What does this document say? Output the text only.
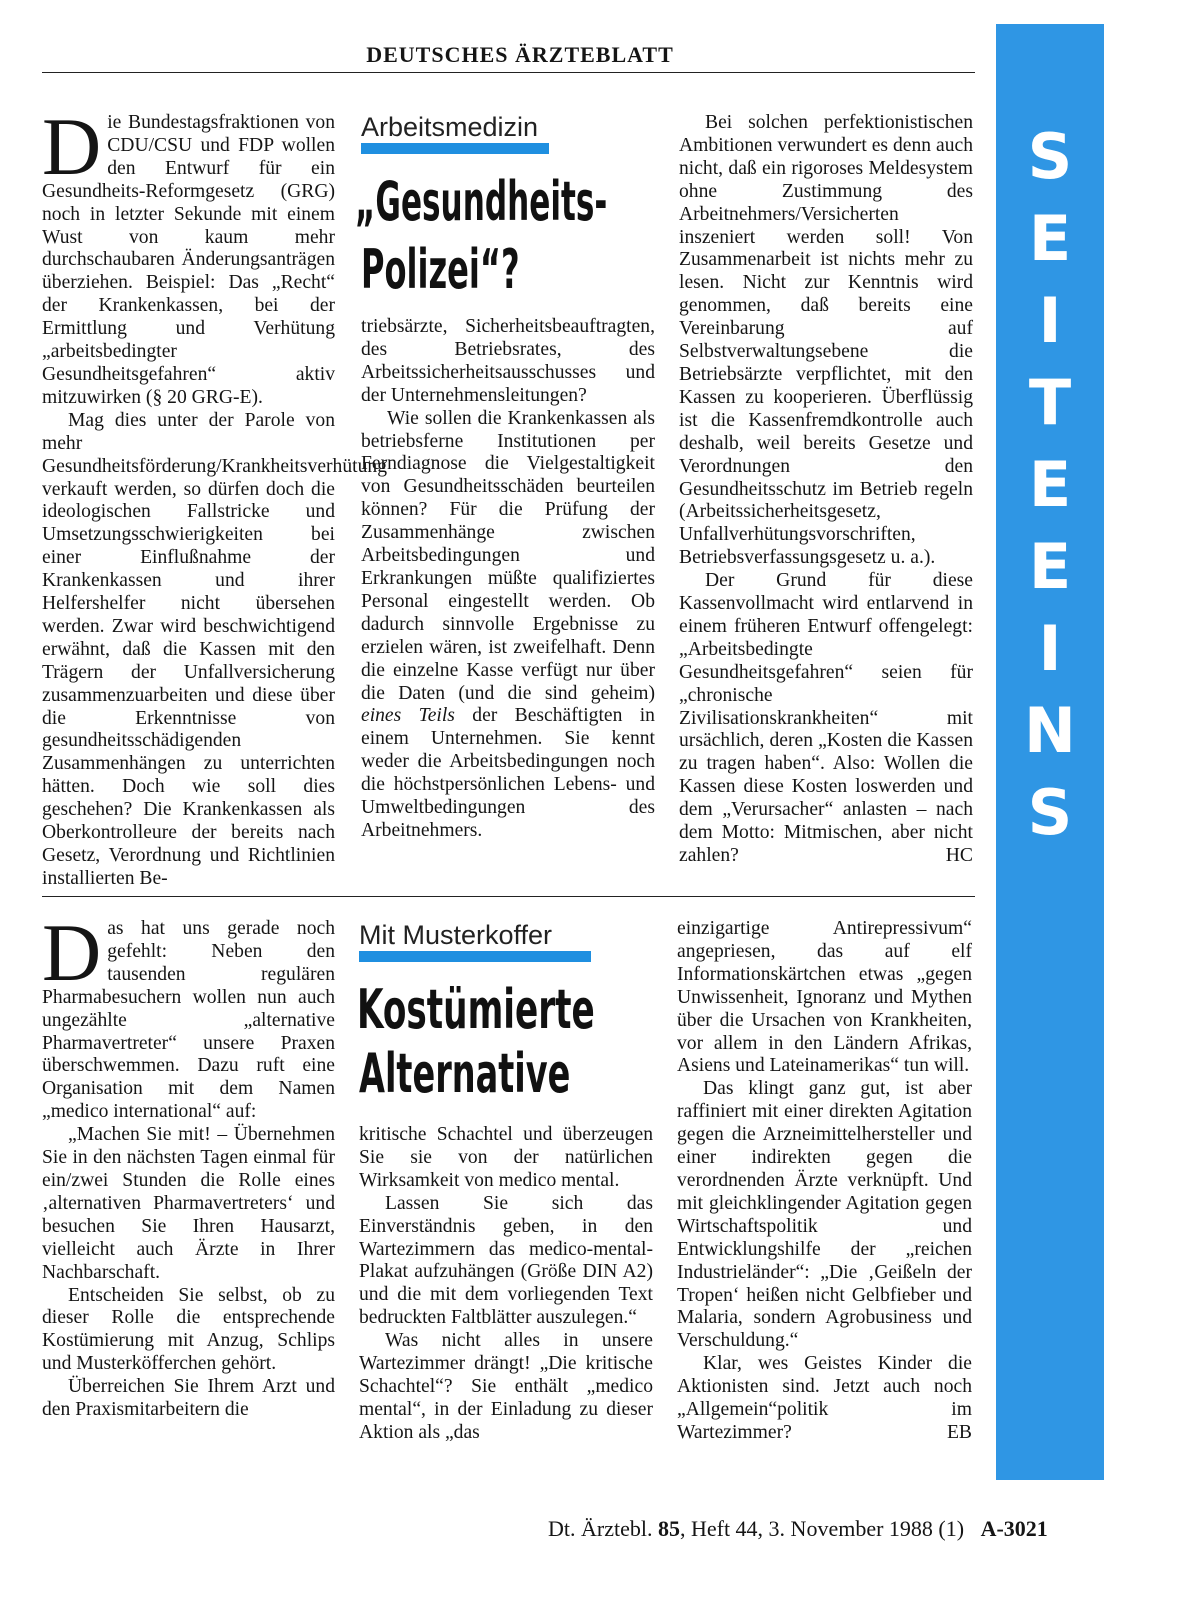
DEUTSCHES ÄRZTEBLATT
S
E
I
T
E
E
I
N
S

Die Bundestagsfraktionen von CDU/CSU und FDP wollen den Entwurf für ein Gesundheits-Reformgesetz (GRG) noch in letzter Sekunde mit einem Wust von kaum mehr durchschaubaren Änderungsanträgen überziehen. Beispiel: Das „Recht“ der Krankenkassen, bei der Ermittlung und Verhütung „arbeitsbedingter Gesundheitsgefahren“ aktiv mitzuwirken (§ 20 GRG-E).

Mag dies unter der Parole von mehr Gesundheitsförderung/Krankheitsverhütung verkauft werden, so dürfen doch die ideologischen Fallstricke und Umsetzungsschwierigkeiten bei einer Einflußnahme der Krankenkassen und ihrer Helfershelfer nicht übersehen werden. Zwar wird beschwichtigend erwähnt, daß die Kassen mit den Trägern der Unfallversicherung zusammenzuarbeiten und diese über die Erkenntnisse von gesundheitsschädigenden Zusammenhängen zu unterrichten hätten. Doch wie soll dies geschehen? Die Krankenkassen als Oberkontrolleure der bereits nach Gesetz, Verordnung und Richtlinien installierten Be-

Arbeitsmedizin
„Gesundheits-
Polizei“?

triebsärzte, Sicherheitsbeauftragten, des Betriebsrates, des Arbeitssicherheitsausschusses und der Unternehmensleitungen?

Wie sollen die Krankenkassen als betriebsferne Institutionen per Ferndiagnose die Vielgestaltigkeit von Gesundheitsschäden beurteilen können? Für die Prüfung der Zusammenhänge zwischen Arbeitsbedingungen und Erkrankungen müßte qualifiziertes Personal eingestellt werden. Ob dadurch sinnvolle Ergebnisse zu erzielen wären, ist zweifelhaft. Denn die einzelne Kasse verfügt nur über die Daten (und die sind geheim) eines Teils der Beschäftigten in einem Unternehmen. Sie kennt weder die Arbeitsbedingungen noch die höchstpersönlichen Lebens- und Umweltbedingungen des Arbeitnehmers.

Bei solchen perfektionistischen Ambitionen verwundert es denn auch nicht, daß ein rigoroses Meldesystem ohne Zustimmung des Arbeitnehmers/Versicherten inszeniert werden soll! Von Zusammenarbeit ist nichts mehr zu lesen. Nicht zur Kenntnis wird genommen, daß bereits eine Vereinbarung auf Selbstverwaltungsebene die Betriebsärzte verpflichtet, mit den Kassen zu kooperieren. Überflüssig ist die Kassenfremdkontrolle auch deshalb, weil bereits Gesetze und Verordnungen den Gesundheitsschutz im Betrieb regeln (Arbeitssicherheitsgesetz, Unfallverhütungsvorschriften, Betriebsverfassungsgesetz u. a.).

Der Grund für diese Kassenvollmacht wird entlarvend in einem früheren Entwurf offengelegt: „Arbeitsbedingte Gesundheitsgefahren“ seien für „chronische Zivilisationskrankheiten“ mit ursächlich, deren „Kosten die Kassen zu tragen haben“. Also: Wollen die Kassen diese Kosten loswerden und dem „Verursacher“ anlasten – nach dem Motto: Mitmischen, aber nicht zahlen?	HC

Das hat uns gerade noch gefehlt: Neben den tausenden regulären Pharmabesuchern wollen nun auch ungezählte „alternative Pharmavertreter“ unsere Praxen überschwemmen. Dazu ruft eine Organisation mit dem Namen „medico international“ auf:

„Machen Sie mit! – Übernehmen Sie in den nächsten Tagen einmal für ein/zwei Stunden die Rolle eines ‚alternativen Pharmavertreters‘ und besuchen Sie Ihren Hausarzt, vielleicht auch Ärzte in Ihrer Nachbarschaft.

Entscheiden Sie selbst, ob zu dieser Rolle die entsprechende Kostümierung mit Anzug, Schlips und Musterköfferchen gehört.

Überreichen Sie Ihrem Arzt und den Praxismitarbeitern die

Mit Musterkoffer
Kostümierte
Alternative

kritische Schachtel und überzeugen Sie sie von der natürlichen Wirksamkeit von medico mental.

Lassen Sie sich das Einverständnis geben, in den Wartezimmern das medico-mental-Plakat aufzuhängen (Größe DIN A2) und die mit dem vorliegenden Text bedruckten Faltblätter auszulegen.“

Was nicht alles in unsere Wartezimmer drängt! „Die kritische Schachtel“? Sie enthält „medico mental“, in der Einladung zu dieser Aktion als „das

einzigartige Antirepressivum“ angepriesen, das auf elf Informationskärtchen etwas „gegen Unwissenheit, Ignoranz und Mythen über die Ursachen von Krankheiten, vor allem in den Ländern Afrikas, Asiens und Lateinamerikas“ tun will.

Das klingt ganz gut, ist aber raffiniert mit einer direkten Agitation gegen die Arzneimittelhersteller und einer indirekten gegen die verordnenden Ärzte verknüpft. Und mit gleichklingender Agitation gegen Wirtschaftspolitik und Entwicklungshilfe der „reichen Industrieländer“: „Die ‚Geißeln der Tropen‘ heißen nicht Gelbfieber und Malaria, sondern Agrobusiness und Verschuldung.“

Klar, wes Geistes Kinder die Aktionisten sind. Jetzt auch noch „Allgemein“politik im Wartezimmer?	EB

Dt. Ärztebl. 85, Heft 44, 3. November 1988 (1) A-3021
